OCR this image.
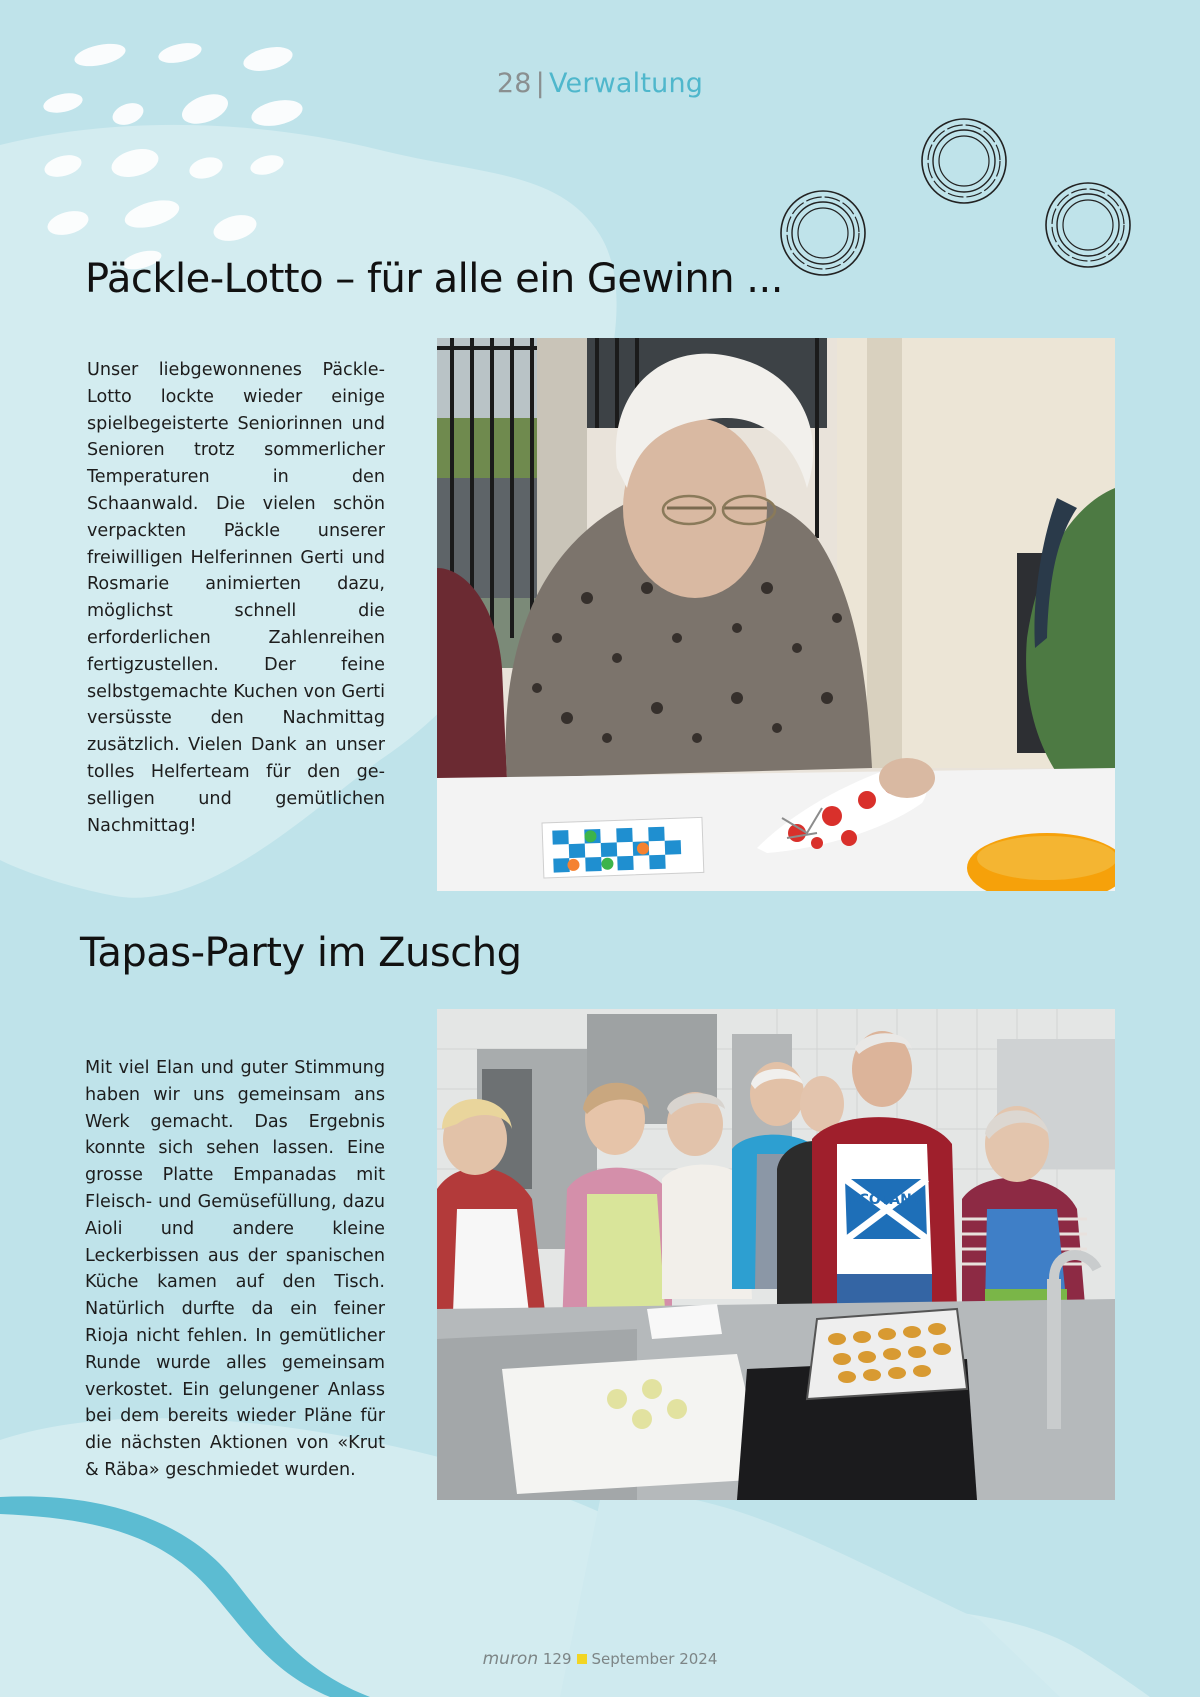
28 | Verwaltung
Päckle-Lotto – für alle ein Gewinn ...
Unser liebgewonnenes Päckle-Lotto lockte wieder einige spielbegeisterte Seniorinnen und Senioren trotz sommerlicher Temperaturen in den Schaanwald. Die vielen schön verpackten Päckle unserer freiwilligen Helferinnen Gerti und Rosmarie animierten dazu, möglichst schnell die erforderlichen Zahlenreihen fertigzustellen. Der feine selbstgemachte Kuchen von Gerti versüsste den Nachmittag zusätzlich. Vielen Dank an unser tolles Helferteam für den geselligen und gemütlichen Nachmittag!
Tapas-Party im Zuschg
Mit viel Elan und guter Stimmung haben wir uns gemeinsam ans Werk gemacht. Das Ergebnis konnte sich sehen lassen. Eine grosse Platte Empanadas mit Fleisch- und Gemüsefüllung, dazu Aioli und andere kleine Leckerbissen aus der spanischen Küche kamen auf den Tisch. Natürlich durfte da ein feiner Rioja nicht fehlen. In gemütlicher Runde wurde alles gemeinsam verkostet. Ein gelungener Anlass bei dem bereits wieder Pläne für die nächsten Aktionen von «Krut & Räba» geschmiedet wurden.
SCOTAND
muron 129 September 2024
